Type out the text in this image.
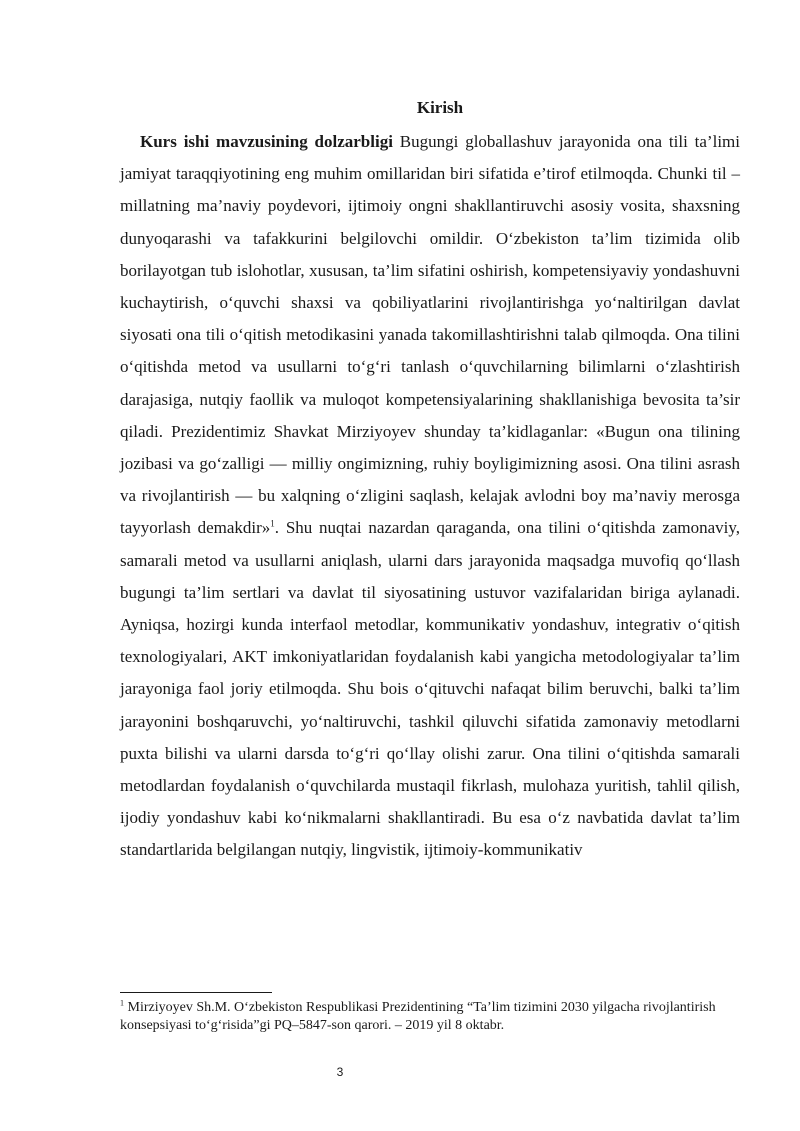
Kirish

Kurs ishi mavzusining dolzarbligi Bugungi globallashuv jarayonida ona tili ta’limi jamiyat taraqqiyotining eng muhim omillaridan biri sifatida e’tirof etilmoqda. Chunki til – millatning ma’naviy poydevori, ijtimoiy ongni shakllantiruvchi asosiy vosita, shaxsning dunyoqarashi va tafakkurini belgilovchi omildir. O‘zbekiston ta’lim tizimida olib borilayotgan tub islohotlar, xususan, ta’lim sifatini oshirish, kompetensiyaviy yondashuvni kuchaytirish, o‘quvchi shaxsi va qobiliyatlarini rivojlantirishga yo‘naltirilgan davlat siyosati ona tili o‘qitish metodikasini yanada takomillashtirishni talab qilmoqda. Ona tilini o‘qitishda metod va usullarni to‘g‘ri tanlash o‘quvchilarning bilimlarni o‘zlashtirish darajasiga, nutqiy faollik va muloqot kompetensiyalarining shakllanishiga bevosita ta’sir qiladi. Prezidentimiz Shavkat Mirziyoyev shunday ta’kidlaganlar: «Bugun ona tilining jozibasi va go‘zalligi — milliy ongimizning, ruhiy boyligimizning asosi. Ona tilini asrash va rivojlantirish — bu xalqning o‘zligini saqlash, kelajak avlodni boy ma’naviy merosga tayyorlash demakdir»$^1$. Shu nuqtai nazardan qaraganda, ona tilini o‘qitishda zamonaviy, samarali metod va usullarni aniqlash, ularni dars jarayonida maqsadga muvofiq qo‘llash bugungi ta’lim sertlari va davlat til siyosatining ustuvor vazifalaridan biriga aylanadi. Ayniqsa, hozirgi kunda interfaol metodlar, kommunikativ yondashuv, integrativ o‘qitish texnologiyalari, AKT imkoniyatlaridan foydalanish kabi yangicha metodologiyalar ta’lim jarayoniga faol joriy etilmoqda. Shu bois o‘qituvchi nafaqat bilim beruvchi, balki ta’lim jarayonini boshqaruvchi, yo‘naltiruvchi, tashkil qiluvchi sifatida zamonaviy metodlarni puxta bilishi va ularni darsda to‘g‘ri qo‘llay olishi zarur. Ona tilini o‘qitishda samarali metodlardan foydalanish o‘quvchilarda mustaqil fikrlash, mulohaza yuritish, tahlil qilish, ijodiy yondashuv kabi ko‘nikmalarni shakllantiradi. Bu esa o‘z navbatida davlat ta’lim standartlarida belgilangan nutqiy, lingvistik, ijtimoiy-kommunikativ

$^1$ Mirziyoyev Sh.M. O‘zbekiston Respublikasi Prezidentining “Ta’lim tizimini 2030 yilgacha rivojlantirish konsepsiyasi to‘g‘risida”gi PQ–5847-son qarori. – 2019 yil 8 oktabr.

3
